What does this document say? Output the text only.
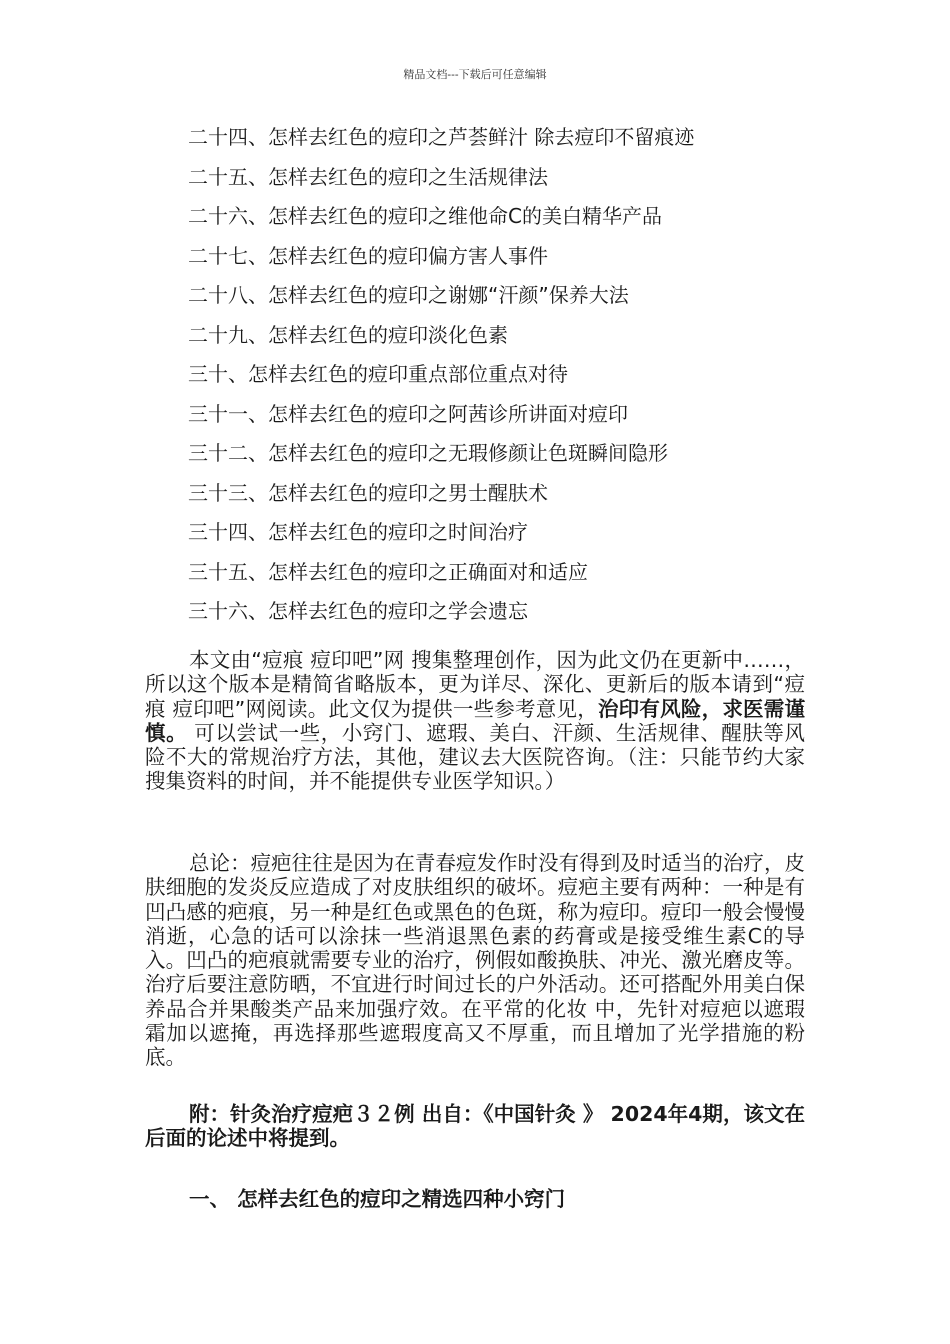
精品文档---下载后可任意编辑
二十四、怎样去红色的痘印之芦荟鲜汁 除去痘印不留痕迹
二十五、怎样去红色的痘印之生活规律法
二十六、怎样去红色的痘印之维他命C的美白精华产品
二十七、怎样去红色的痘印偏方害人事件
二十八、怎样去红色的痘印之谢娜“汗颜”保养大法
二十九、怎样去红色的痘印淡化色素
三十、怎样去红色的痘印重点部位重点对待
三十一、怎样去红色的痘印之阿茜诊所讲面对痘印
三十二、怎样去红色的痘印之无瑕修颜让色斑瞬间隐形
三十三、怎样去红色的痘印之男士醒肤术
三十四、怎样去红色的痘印之时间治疗
三十五、怎样去红色的痘印之正确面对和适应
三十六、怎样去红色的痘印之学会遗忘
本文由“痘痕 痘印吧”网 搜集整理创作，因为此文仍在更新中……，所以这个版本是精简省略版本，更为详尽、深化、更新后的版本请到“痘痕 痘印吧”网阅读。此文仅为提供一些参考意见，治印有风险，求医需谨慎。 可以尝试一些，小窍门、遮瑕、美白、汗颜、生活规律、醒肤等风险不大的常规治疗方法，其他，建议去大医院咨询。（注：只能节约大家搜集资料的时间，并不能提供专业医学知识。）
总论：痘疤往往是因为在青春痘发作时没有得到及时适当的治疗，皮肤细胞的发炎反应造成了对皮肤组织的破坏。痘疤主要有两种：一种是有凹凸感的疤痕，另一种是红色或黑色的色斑，称为痘印。痘印一般会慢慢消逝，心急的话可以涂抹一些消退黑色素的药膏或是接受维生素C的导入。凹凸的疤痕就需要专业的治疗，例假如酸换肤、冲光、激光磨皮等。治疗后要注意防晒，不宜进行时间过长的户外活动。还可搭配外用美白保养品合并果酸类产品来加强疗效。在平常的化妆 中，先针对痘疤以遮瑕霜加以遮掩，再选择那些遮瑕度高又不厚重，而且增加了光学措施的粉底。
附：针灸治疗痘疤３２例 出自：《中国针灸 》 2024年4期，该文在后面的论述中将提到。
一、 怎样去红色的痘印之精选四种小窍门
